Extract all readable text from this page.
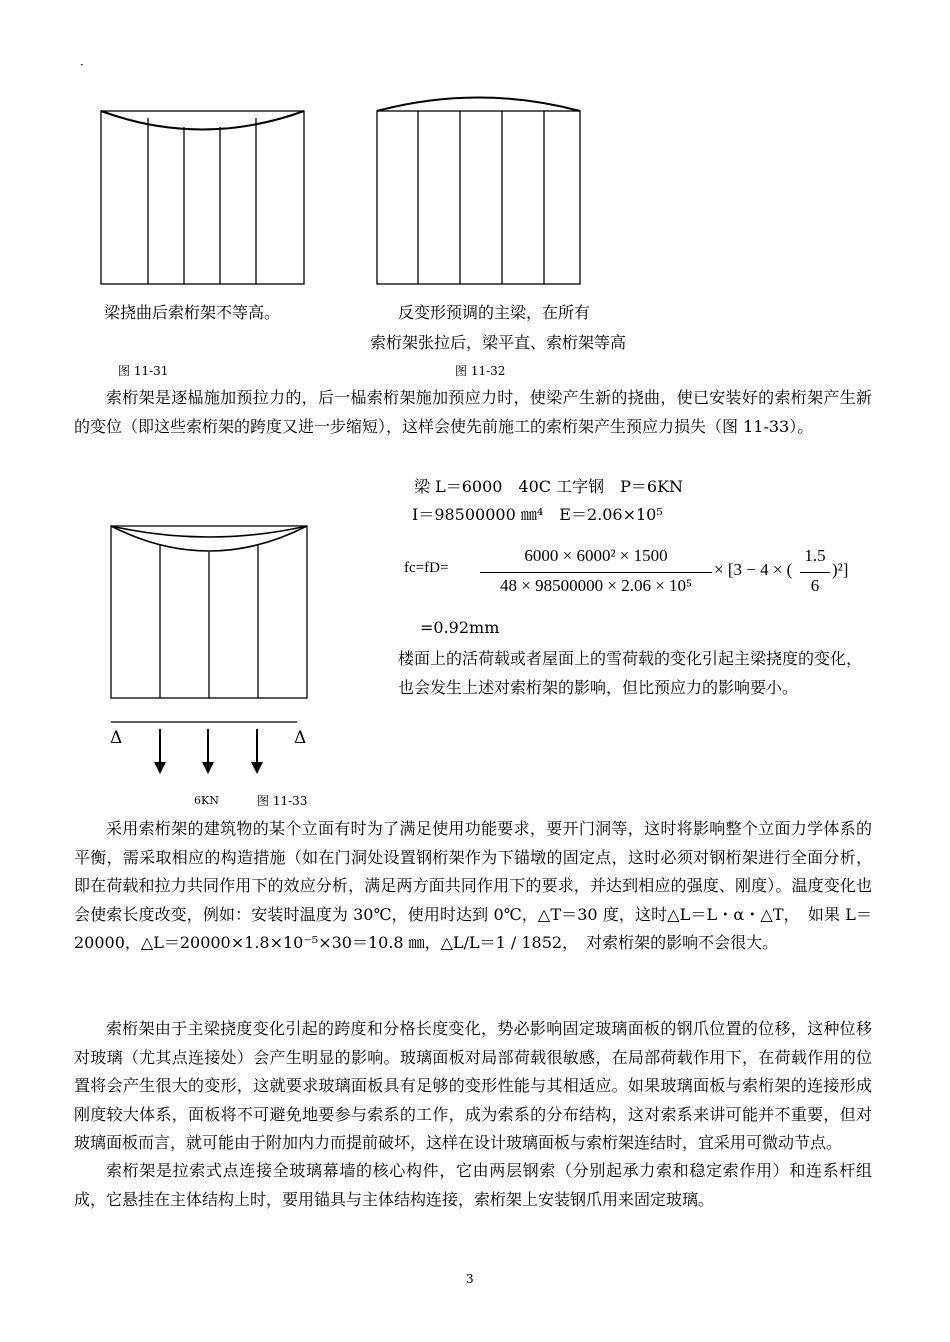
·
梁挠曲后索桁架不等高。
图 11-31
反变形预调的主梁，在所有
索桁架张拉后，梁平直、索桁架等高
图 11-32

索桁架是逐榀施加预拉力的，后一榀索桁架施加预应力时，使梁产生新的挠曲，使已安装好的索桁架产生新的变位（即这些索桁架的跨度又进一步缩短），这样会使先前施工的索桁架产生预应力损失（图 11-33）。

Δ	Δ
6KN	图 11-33
梁 L＝6000　40C 工字钢　P＝6KN
I＝98500000 ㎜⁴　E＝2.06×10⁵
fc=fD=
6000 × 6000² × 1500
48 × 98500000 × 2.06 × 10⁵
× [3 − 4 × (
1.5
6
)²]
=0.92mm

楼面上的活荷载或者屋面上的雪荷载的变化引起主梁挠度的变化，也会发生上述对索桁架的影响，但比预应力的影响要小。

采用索桁架的建筑物的某个立面有时为了满足使用功能要求，要开门洞等，这时将影响整个立面力学体系的平衡，需采取相应的构造措施（如在门洞处设置钢桁架作为下锚墩的固定点，这时必须对钢桁架进行全面分析，即在荷载和拉力共同作用下的效应分析，满足两方面共同作用下的要求，并达到相应的强度、刚度）。温度变化也会使索长度改变，例如：安装时温度为 30℃，使用时达到 0℃，△T＝30 度，这时△L＝L・α・△T，　如果 L＝20000，△L＝20000×1.8×10⁻⁵×30＝10.8 ㎜，△L/L＝1 / 1852，　对索桁架的影响不会很大。

索桁架由于主梁挠度变化引起的跨度和分格长度变化，势必影响固定玻璃面板的钢爪位置的位移，这种位移对玻璃（尤其点连接处）会产生明显的影响。玻璃面板对局部荷载很敏感，在局部荷载作用下，在荷载作用的位置将会产生很大的变形，这就要求玻璃面板具有足够的变形性能与其相适应。如果玻璃面板与索桁架的连接形成刚度较大体系，面板将不可避免地要参与索系的工作，成为索系的分布结构，这对索系来讲可能并不重要，但对玻璃面板而言，就可能由于附加内力而提前破坏，这样在设计玻璃面板与索桁架连结时，宜采用可微动节点。

索桁架是拉索式点连接全玻璃幕墙的核心构件，它由两层钢索（分别起承力索和稳定索作用）和连系杆组成，它悬挂在主体结构上时，要用锚具与主体结构连接，索桁架上安装钢爪用来固定玻璃。

3
